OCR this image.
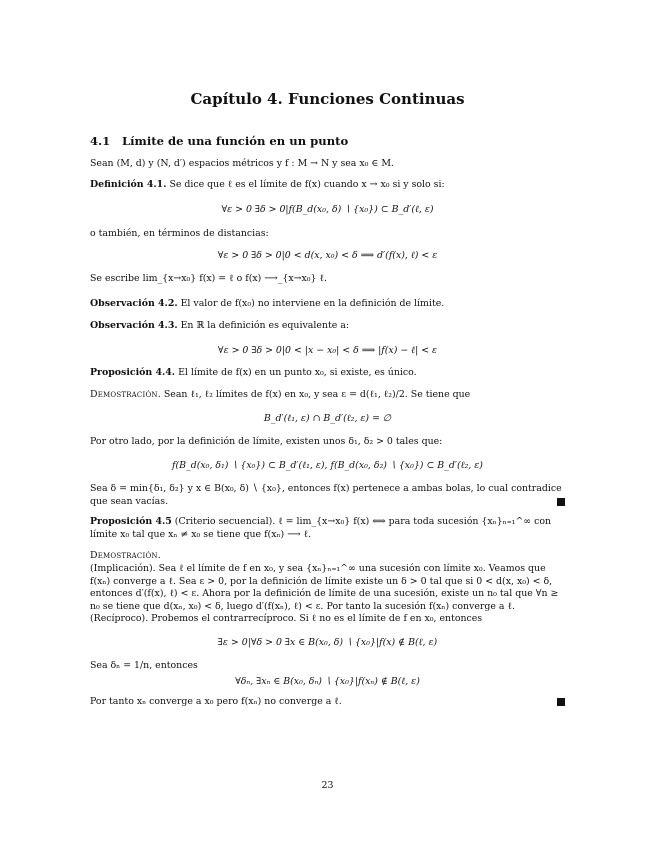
Capítulo 4. Funciones Continuas
4.1 Límite de una función en un punto
Sean (M, d) y (N, d′) espacios métricos y f : M → N y sea x₀ ∈ M.
Definición 4.1. Se dice que ℓ es el límite de f(x) cuando x → x₀ si y solo si:
∀ε > 0 ∃δ > 0|f(B_d(x₀, δ) ∖ {x₀}) ⊂ B_d′(ℓ, ε)
o también, en términos de distancias:
∀ε > 0 ∃δ > 0|0 < d(x, x₀) < δ ⟹ d′(f(x), ℓ) < ε
Se escribe lim_{x→x₀} f(x) = ℓ o f(x) ⟶_{x→x₀} ℓ.
Observación 4.2. El valor de f(x₀) no interviene en la definición de límite.
Observación 4.3. En ℝ la definición es equivalente a:
∀ε > 0 ∃δ > 0|0 < |x − x₀| < δ ⟹ |f(x) − ℓ| < ε
Proposición 4.4. El límite de f(x) en un punto x₀, si existe, es único.
Demostración. Sean ℓ₁, ℓ₂ límites de f(x) en x₀, y sea ε = d(ℓ₁, ℓ₂)/2. Se tiene que
B_d′(ℓ₁, ε) ∩ B_d′(ℓ₂, ε) = ∅
Por otro lado, por la definición de límite, existen unos δ₁, δ₂ > 0 tales que:
f(B_d(x₀, δ₁) ∖ {x₀}) ⊂ B_d′(ℓ₁, ε), f(B_d(x₀, δ₂) ∖ {x₀}) ⊂ B_d′(ℓ₂, ε)
Sea δ = min{δ₁, δ₂} y x ∈ B(x₀, δ) ∖ {x₀}, entonces f(x) pertenece a ambas bolas, lo cual contradice que sean vacías.
Proposición 4.5 (Criterio secuencial). ℓ = lim_{x→x₀} f(x) ⟺ para toda sucesión {xₙ}ₙ₌₁^∞ con límite x₀ tal que xₙ ≠ x₀ se tiene que f(xₙ) ⟶ ℓ.
Demostración.
(Implicación). Sea ℓ el límite de f en x₀, y sea {xₙ}ₙ₌₁^∞ una sucesión con límite x₀. Veamos que f(xₙ) converge a ℓ. Sea ε > 0, por la definición de límite existe un δ > 0 tal que si 0 < d(x, x₀) < δ, entonces d′(f(x), ℓ) < ε. Ahora por la definición de límite de una sucesión, existe un n₀ tal que ∀n ≥ n₀ se tiene que d(xₙ, x₀) < δ, luego d′(f(xₙ), ℓ) < ε. Por tanto la sucesión f(xₙ) converge a ℓ.
(Recíproco). Probemos el contrarrecíproco. Si ℓ no es el límite de f en x₀, entonces
∃ε > 0|∀δ > 0 ∃x ∈ B(x₀, δ) ∖ {x₀}|f(x) ∉ B(ℓ, ε)
Sea δₙ = 1/n, entonces
∀δₙ, ∃xₙ ∈ B(x₀, δₙ) ∖ {x₀}|f(xₙ) ∉ B(ℓ, ε)
Por tanto xₙ converge a x₀ pero f(xₙ) no converge a ℓ.
23
